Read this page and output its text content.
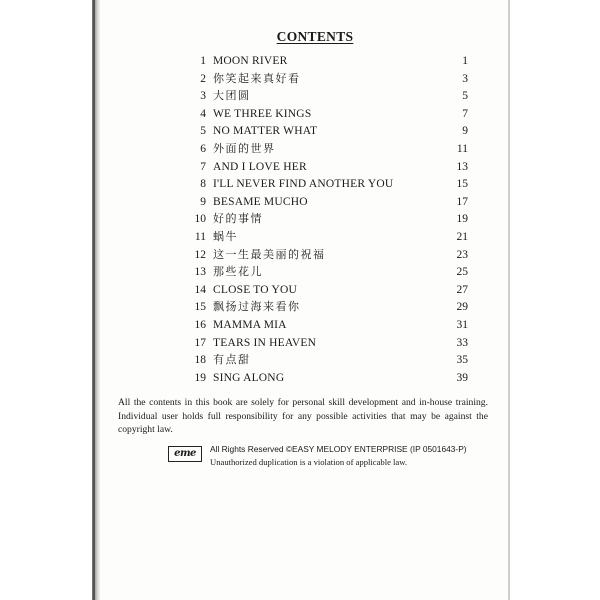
CONTENTS
1 MOON RIVER	1
2 你笑起来真好看	3
3 大团圆	5
4 WE THREE KINGS	7
5 NO MATTER WHAT	9
6 外面的世界	11
7 AND I LOVE HER	13
8 I'LL NEVER FIND ANOTHER YOU	15
9 BESAME MUCHO	17
10 好的事情	19
11 蜗牛	21
12 这一生最美丽的祝福	23
13 那些花儿	25
14 CLOSE TO YOU	27
15 飘扬过海来看你	29
16 MAMMA MIA	31
17 TEARS IN HEAVEN	33
18 有点甜	35
19 SING ALONG	39
All the contents in this book are solely for personal skill development and in-house training. Individual user holds full responsibility for any possible activities that may be against the copyright law.
eme	All Rights Reserved ©EASY MELODY ENTERPRISE (IP 0501643-P)
Unauthorized duplication is a violation of applicable law.
